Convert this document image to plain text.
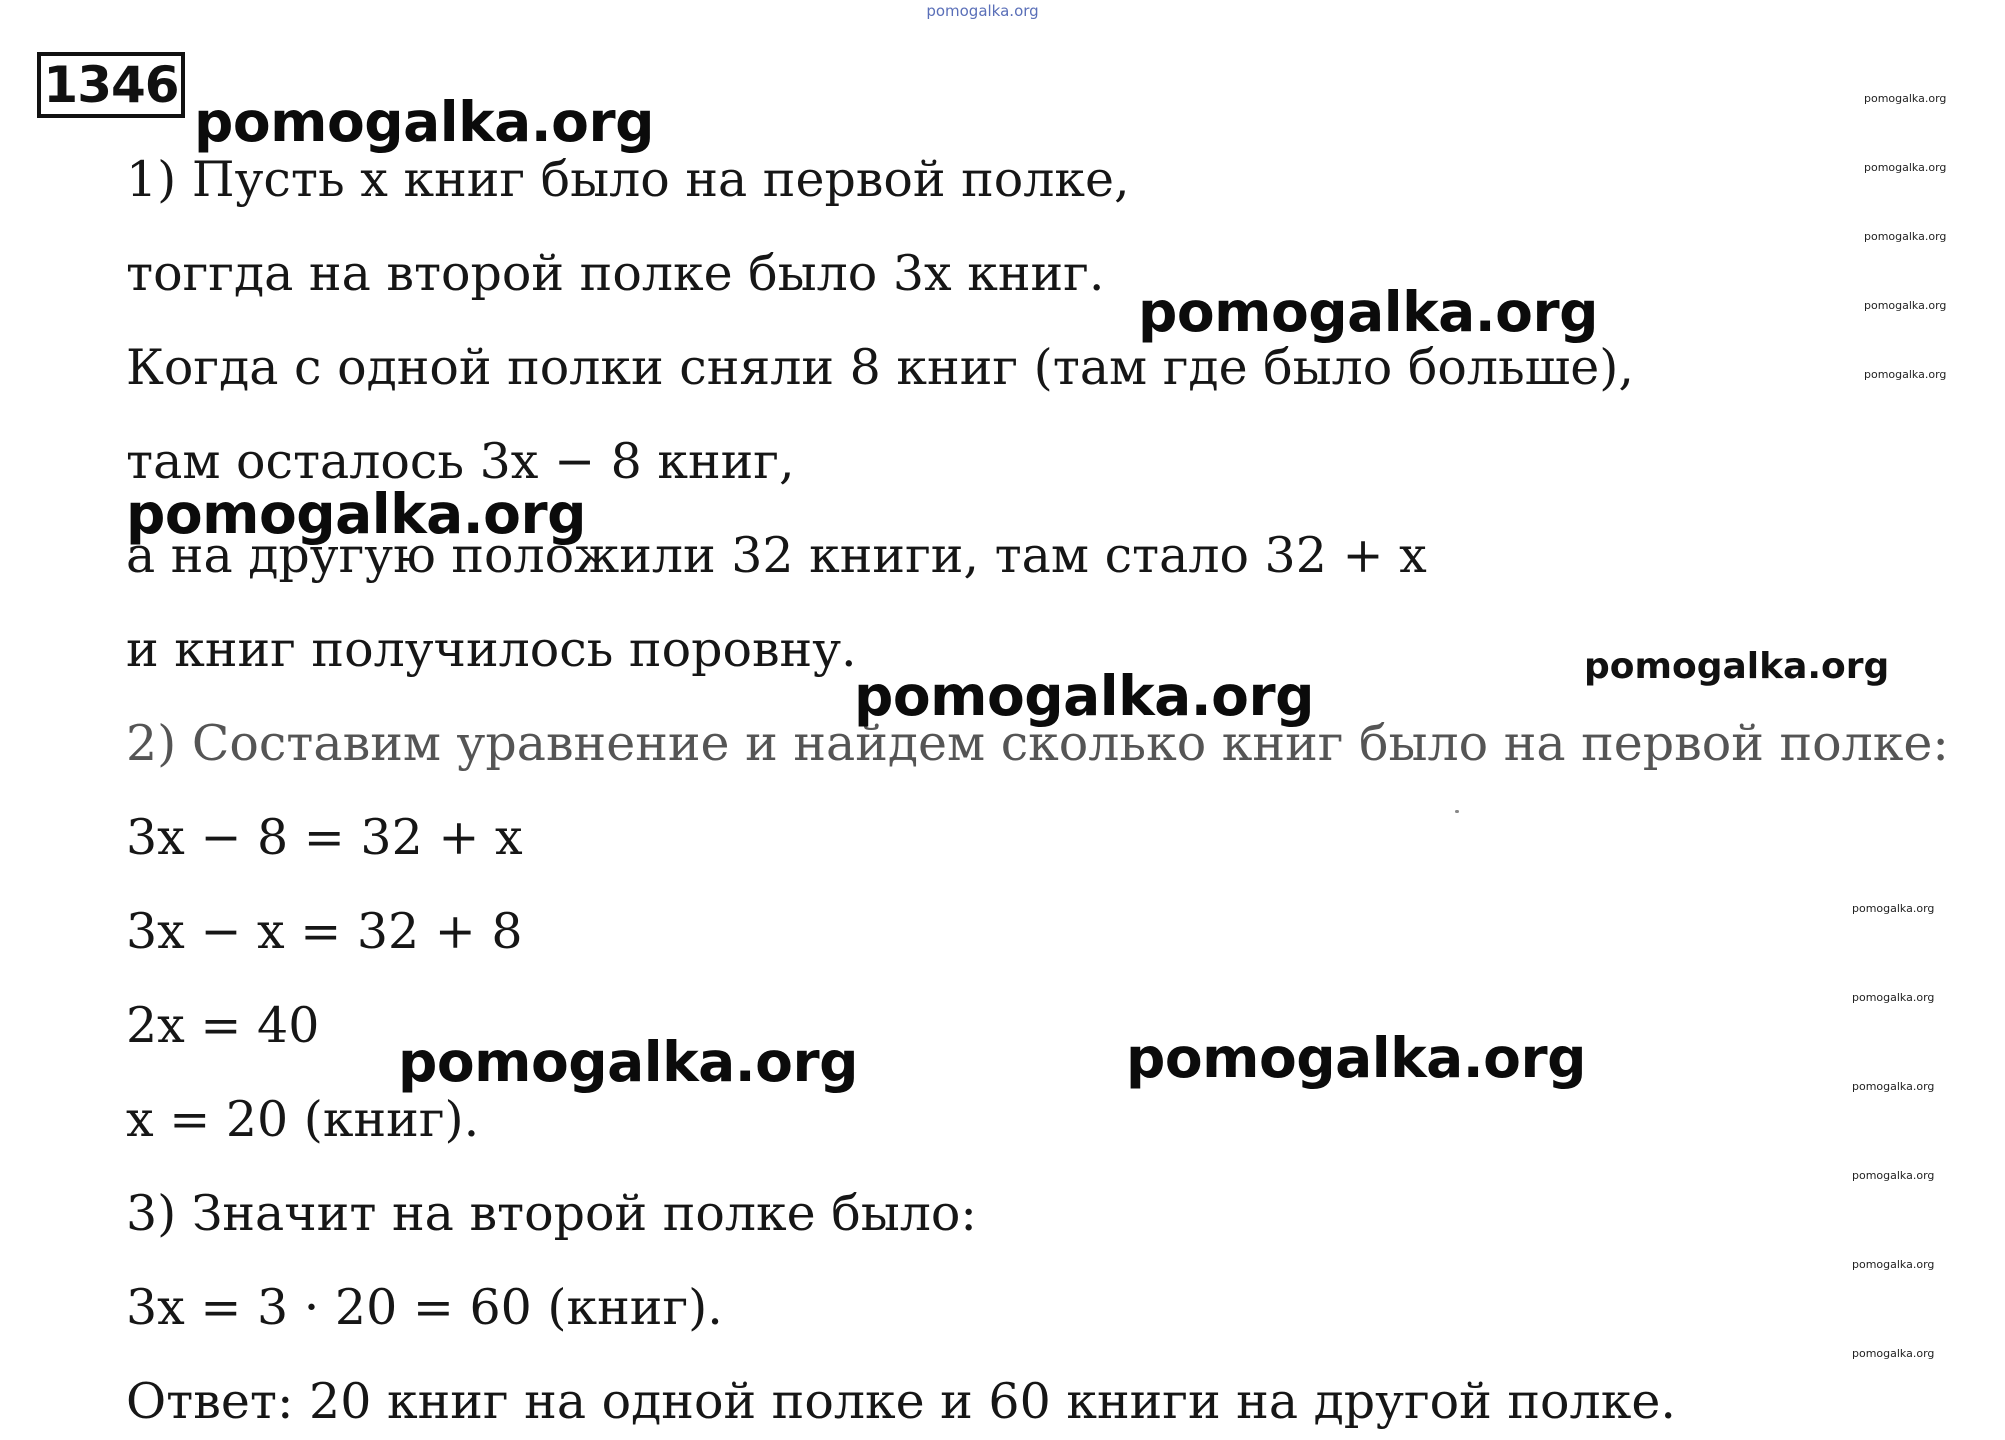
pomogalka.org
1346
1) Пусть x книг было на первой полке,
тоггда на второй полке было 3x книг.
Когда с одной полки сняли 8 книг (там где было больше),
там осталось 3x − 8 книг,
а на другую положили 32 книги, там стало 32 + x
и книг получилось поровну.
2) Составим уравнение и найдем сколько книг было на первой полке:
3x − 8 = 32 + x
3x − x = 32 + 8
2x = 40
x = 20 (книг).
3) Значит на второй полке было:
3x = 3 · 20 = 60 (книг).
Ответ: 20 книг на одной полке и 60 книги на другой полке.
pomogalka.org
pomogalka.org
pomogalka.org
pomogalka.org
pomogalka.org	pomogalka.org
pomogalka.org
pomogalka.org
pomogalka.org
pomogalka.org
pomogalka.org
pomogalka.org
pomogalka.org
pomogalka.org
pomogalka.org
pomogalka.org
pomogalka.org
pomogalka.org
